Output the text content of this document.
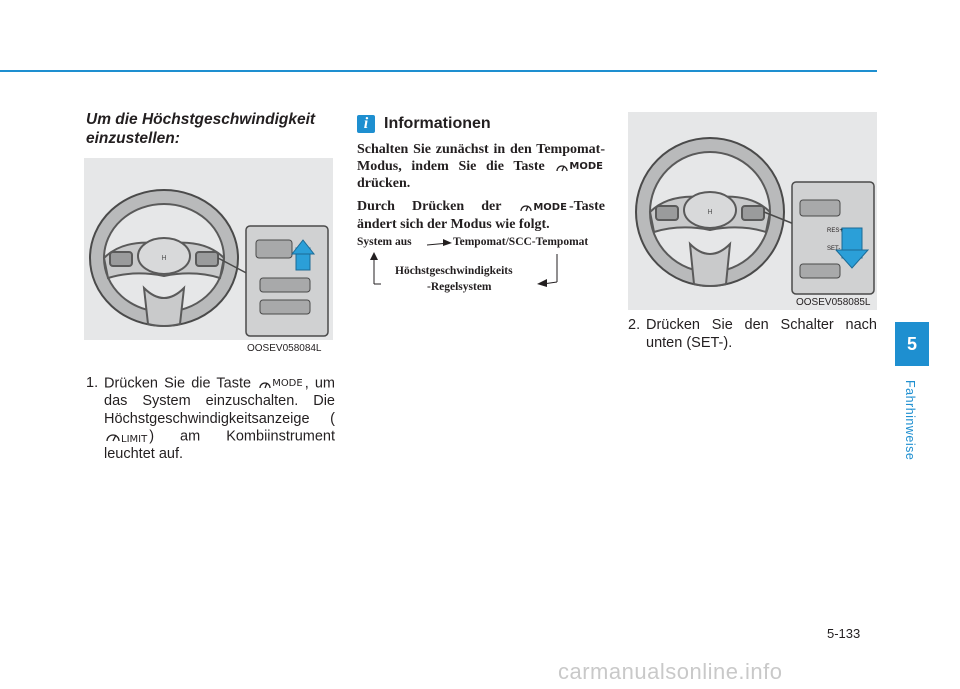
Um die Höchstgeschwindigkeit einzustellen:
H
OOSEV058084L
1. Drücken Sie die Taste MODE , um das System einzuschalten. Die Höchstgeschwindigkeitsanzeige (
LIMIT ) am Kombiinstrument leuchtet auf.
i Informationen
Schalten Sie zunächst in den Tempomat-Modus, indem Sie die Taste MODE
drücken.
Durch Drücken der	MODE -Taste ändert sich der Modus wie folgt.
System aus	Tempomat/SCC-Tempomat
Höchstgeschwindigkeits
-Regelsystem
H
RES+
SET-
OOSEV058085L
2. Drücken Sie den Schalter nach unten (SET-).	5
Fahrhinweise
5-133
carmanualsonline.info
